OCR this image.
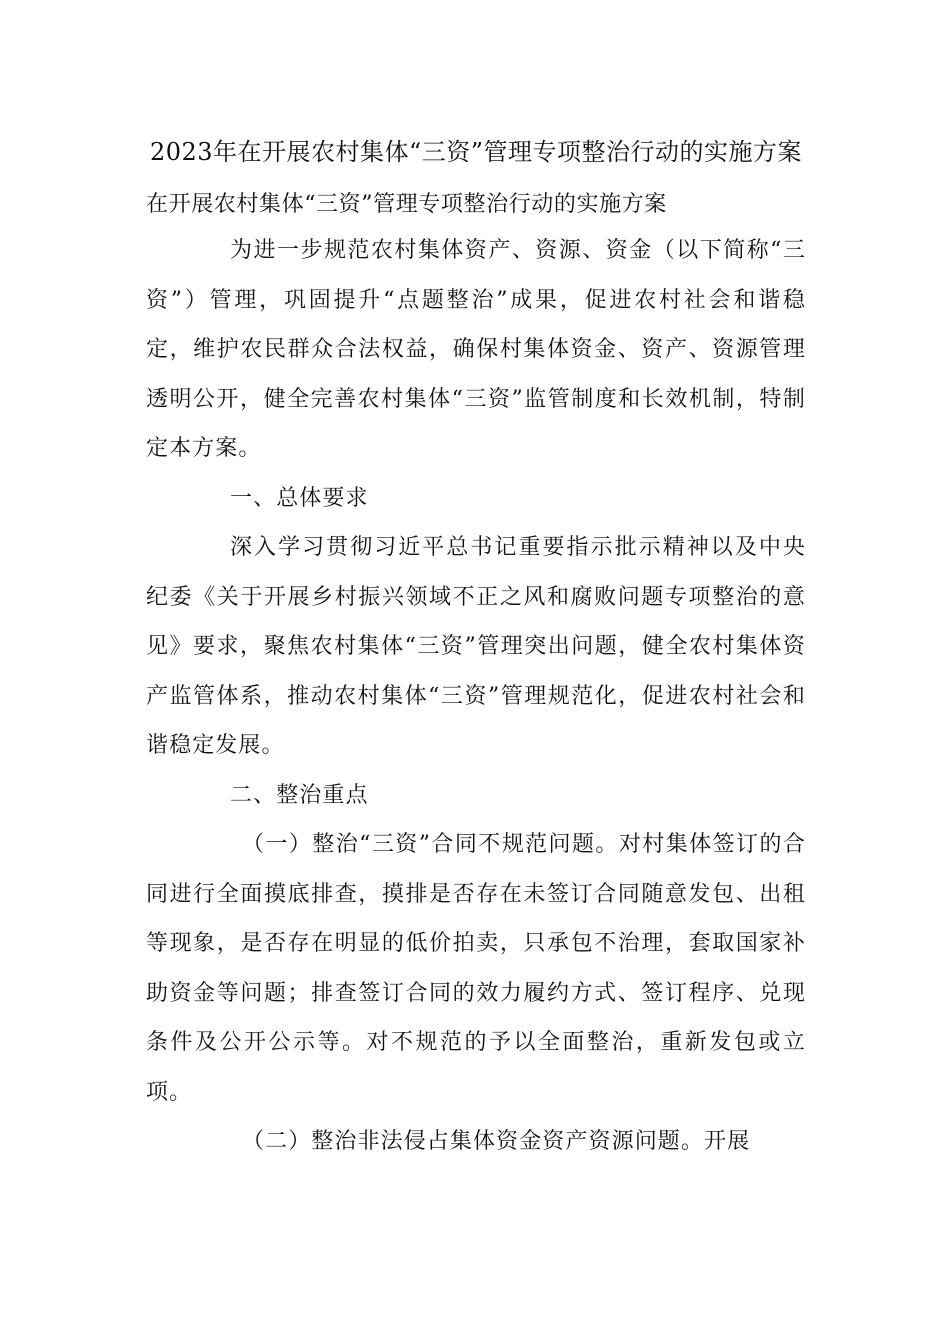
2023年在开展农村集体“三资”管理专项整治行动的实施方案
在开展农村集体“三资”管理专项整治行动的实施方案

为进一步规范农村集体资产、资源、资金（以下简称“三资”）管理，巩固提升“点题整治”成果，促进农村社会和谐稳定，维护农民群众合法权益，确保村集体资金、资产、资源管理透明公开，健全完善农村集体“三资”监管制度和长效机制，特制定本方案。

一、总体要求

深入学习贯彻习近平总书记重要指示批示精神以及中央纪委《关于开展乡村振兴领域不正之风和腐败问题专项整治的意见》要求，聚焦农村集体“三资”管理突出问题，健全农村集体资产监管体系，推动农村集体“三资”管理规范化，促进农村社会和谐稳定发展。

二、整治重点

（一）整治“三资”合同不规范问题。对村集体签订的合同进行全面摸底排查，摸排是否存在未签订合同随意发包、出租等现象，是否存在明显的低价拍卖，只承包不治理，套取国家补助资金等问题；排查签订合同的效力履约方式、签订程序、兑现条件及公开公示等。对不规范的予以全面整治，重新发包或立项。

（二）整治非法侵占集体资金资产资源问题。开展
